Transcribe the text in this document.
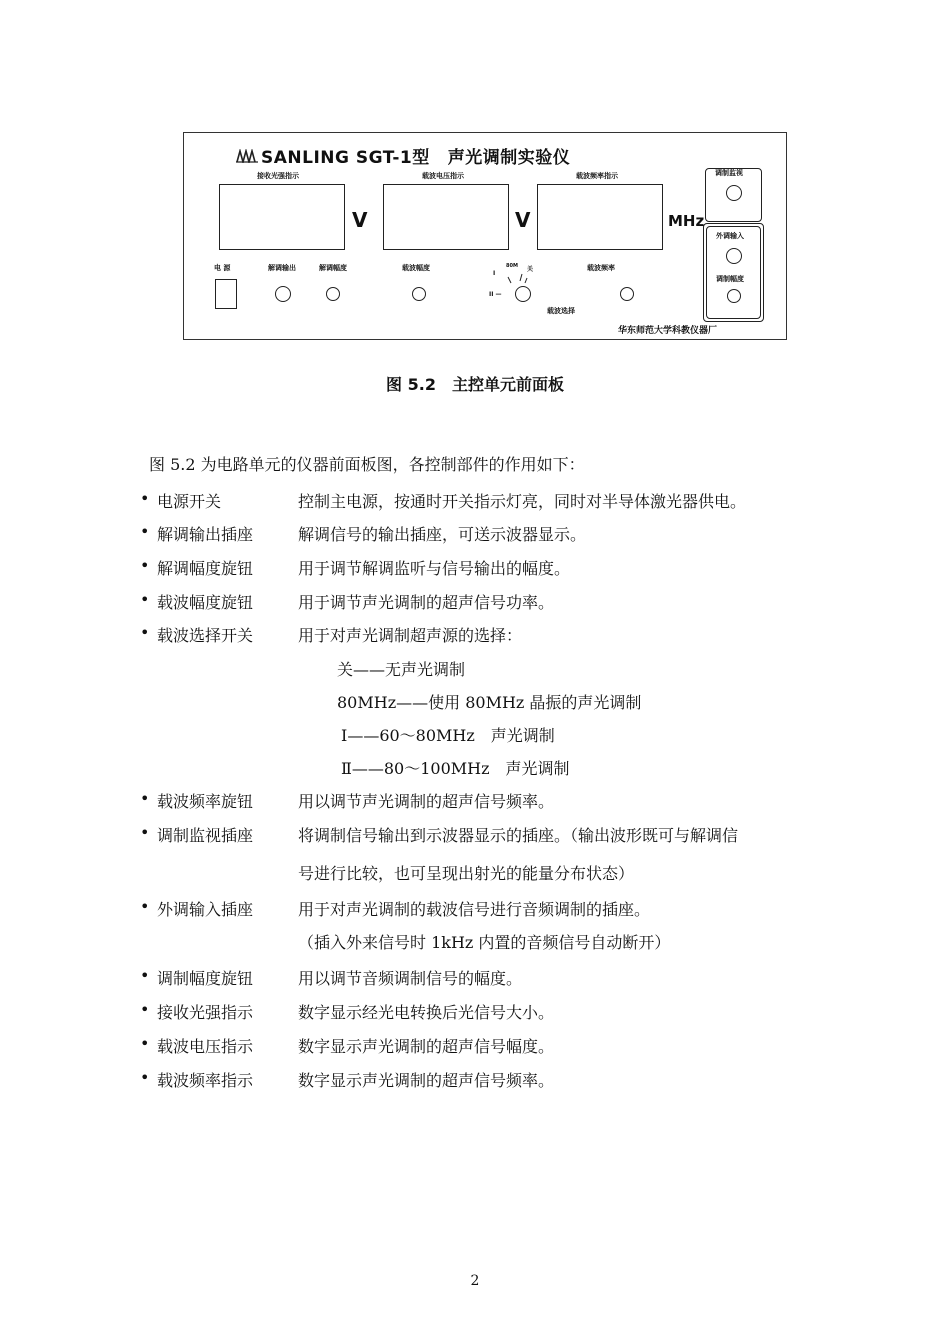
SANLING SGT-1型 声光调制实验仪
接收光强指示	载波电压指示	载波频率指示
V	V	MHz
电 源	解调输出	解调幅度	载波幅度	载波频率
I
II —
80M 关
载波选择
调制监视
外调输入
调制幅度
华东师范大学科教仪器厂
图 5.2　主控单元前面板
图 5.2 为电路单元的仪器前面板图，各控制部件的作用如下：
• 电源开关	控制主电源，按通时开关指示灯亮，同时对半导体激光器供电。
• 解调输出插座	解调信号的输出插座，可送示波器显示。
• 解调幅度旋钮	用于调节解调监听与信号输出的幅度。
• 载波幅度旋钮	用于调节声光调制的超声信号功率。
• 载波选择开关	用于对声光调制超声源的选择：
关——无声光调制
80MHz——使用 80MHz 晶振的声光调制
Ⅰ——60～80MHz　声光调制
Ⅱ——80～100MHz　声光调制
• 载波频率旋钮	用以调节声光调制的超声信号频率。
• 调制监视插座	将调制信号输出到示波器显示的插座。（输出波形既可与解调信
号进行比较，也可呈现出射光的能量分布状态）
• 外调输入插座	用于对声光调制的载波信号进行音频调制的插座。
（插入外来信号时 1kHz 内置的音频信号自动断开）
• 调制幅度旋钮	用以调节音频调制信号的幅度。
• 接收光强指示	数字显示经光电转换后光信号大小。
• 载波电压指示	数字显示声光调制的超声信号幅度。
• 载波频率指示	数字显示声光调制的超声信号频率。
2
